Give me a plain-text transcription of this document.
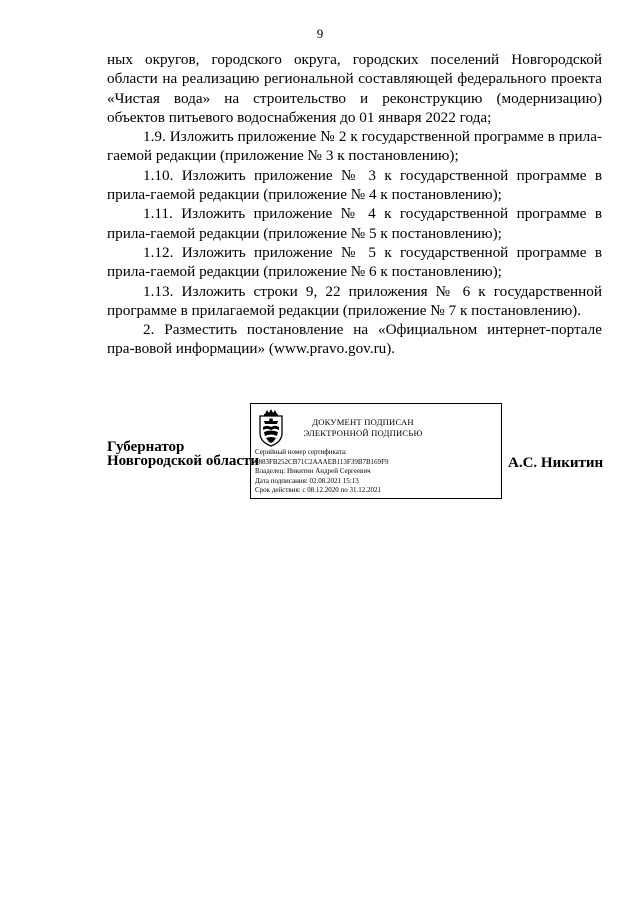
9

ных округов, городского округа, городских поселений Новгородской области на реализацию региональной составляющей федерального проекта «Чистая вода» на строительство и реконструкцию (модернизацию) объектов питьевого водоснабжения до 01 января 2022 года;

1.9. Изложить приложение № 2 к государственной программе в прила-гаемой редакции (приложение № 3 к постановлению);

1.10. Изложить приложение № 3 к государственной программе в прила-гаемой редакции (приложение № 4 к постановлению);

1.11. Изложить приложение № 4 к государственной программе в прила-гаемой редакции (приложение № 5 к постановлению);

1.12. Изложить приложение № 5 к государственной программе в прила-гаемой редакции (приложение № 6 к постановлению);

1.13. Изложить строки 9, 22 приложения № 6 к государственной программе в прилагаемой редакции (приложение № 7 к постановлению).

2. Разместить постановление на «Официальном интернет-портале пра-вовой информации» (www.pravo.gov.ru).

Губернатор
Новгородской области	А.С. Никитин
ДОКУМЕНТ ПОДПИСАН
ЭЛЕКТРОННОЙ ПОДПИСЬЮ
Серийный номер сертификата:
0883FB252CB71C2AAAEB113F39B7B169F9
Владелец: Никитин Андрей Сергеевич
Дата подписания: 02.08.2021 15:13
Срок действия: с 08.12.2020 по 31.12.2021
